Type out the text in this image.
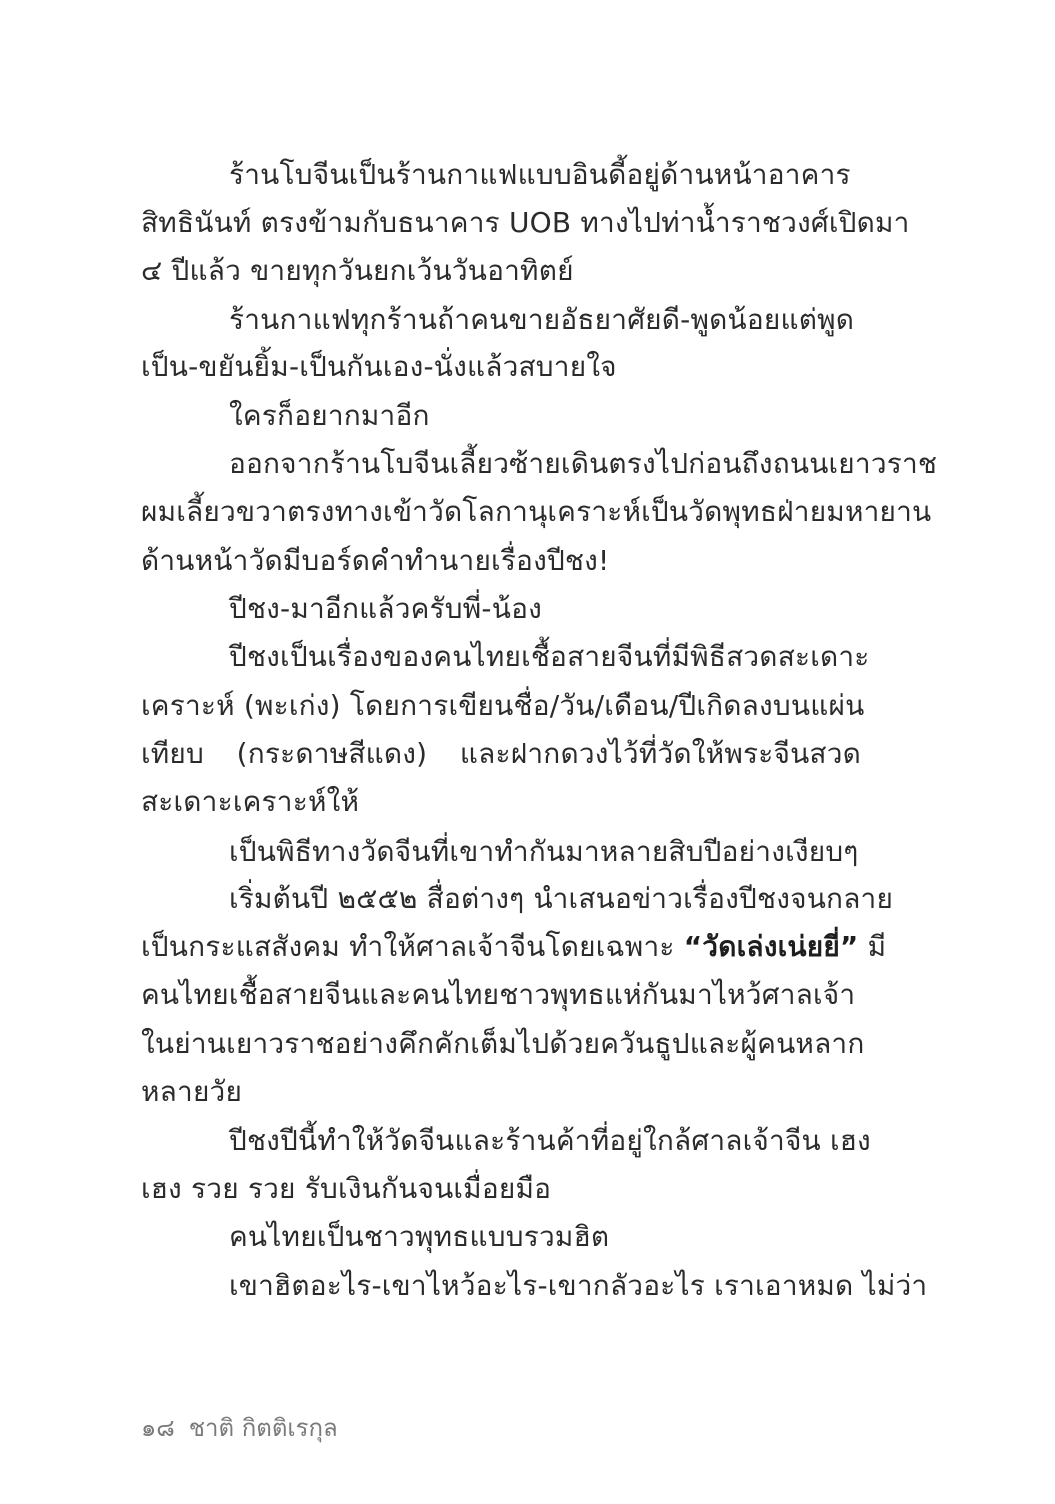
ร้านโบจีนเป็นร้านกาแฟแบบอินดี้อยู่ด้านหน้าอาคาร
สิทธินันท์ ตรงข้ามกับธนาคาร UOB ทางไปท่าน้ำราชวงศ์เปิดมา
๔ ปีแล้ว ขายทุกวันยกเว้นวันอาทิตย์
ร้านกาแฟทุกร้านถ้าคนขายอัธยาศัยดี-พูดน้อยแต่พูด
เป็น-ขยันยิ้ม-เป็นกันเอง-นั่งแล้วสบายใจ
ใครก็อยากมาอีก
ออกจากร้านโบจีนเลี้ยวซ้ายเดินตรงไปก่อนถึงถนนเยาวราช
ผมเลี้ยวขวาตรงทางเข้าวัดโลกานุเคราะห์เป็นวัดพุทธฝ่ายมหายาน
ด้านหน้าวัดมีบอร์ดคำทำนายเรื่องปีชง!
ปีชง-มาอีกแล้วครับพี่-น้อง
ปีชงเป็นเรื่องของคนไทยเชื้อสายจีนที่มีพิธีสวดสะเดาะ
เคราะห์ (พะเก่ง) โดยการเขียนชื่อ/วัน/เดือน/ปีเกิดลงบนแผ่น
เทียบ (กระดาษสีแดง) และฝากดวงไว้ที่วัดให้พระจีนสวด
สะเดาะเคราะห์ให้
เป็นพิธีทางวัดจีนที่เขาทำกันมาหลายสิบปีอย่างเงียบๆ
เริ่มต้นปี ๒๕๕๒ สื่อต่างๆ นำเสนอข่าวเรื่องปีชงจนกลาย
เป็นกระแสสังคม ทำให้ศาลเจ้าจีนโดยเฉพาะ “วัดเล่งเน่ยยี่” มี
คนไทยเชื้อสายจีนและคนไทยชาวพุทธแห่กันมาไหว้ศาลเจ้า
ในย่านเยาวราชอย่างคึกคักเต็มไปด้วยควันธูปและผู้คนหลาก
หลายวัย
ปีชงปีนี้ทำให้วัดจีนและร้านค้าที่อยู่ใกล้ศาลเจ้าจีน เฮง
เฮง รวย รวย รับเงินกันจนเมื่อยมือ
คนไทยเป็นชาวพุทธแบบรวมฮิต
เขาฮิตอะไร-เขาไหว้อะไร-เขากลัวอะไร เราเอาหมด ไม่ว่า
๑๘ ชาติ กิตติเรกุล
